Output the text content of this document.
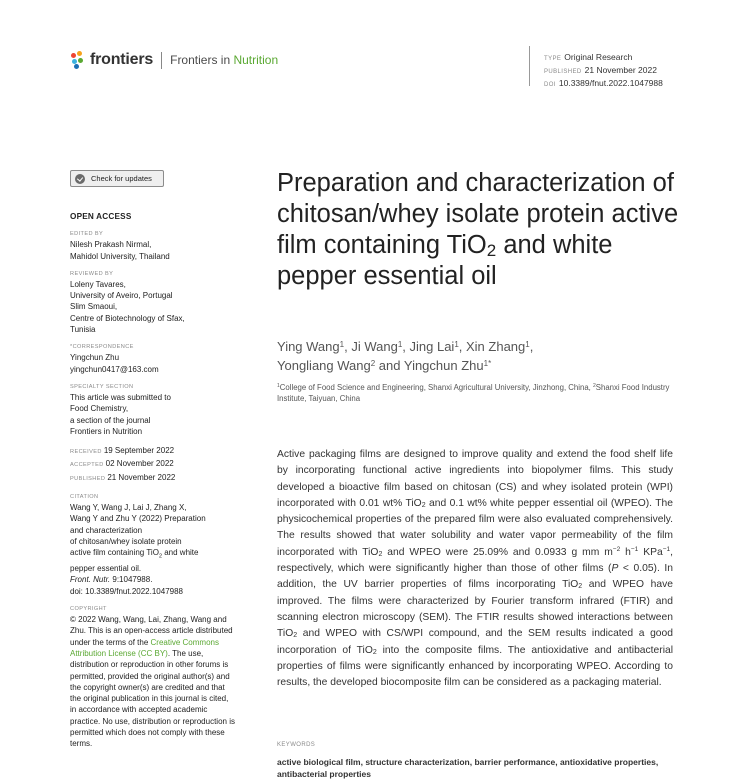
frontiers Frontiers in Nutrition	TYPE Original Research
PUBLISHED 21 November 2022
DOI 10.3389/fnut.2022.1047988
Check for updates
OPEN ACCESS
EDITED BY
Nilesh Prakash Nirmal,
Mahidol University, Thailand
REVIEWED BY
Loleny Tavares,
University of Aveiro, Portugal
Slim Smaoui,
Centre of Biotechnology of Sfax,
Tunisia
*CORRESPONDENCE
Yingchun Zhu
yingchun0417@163.com
SPECIALTY SECTION
This article was submitted to
Food Chemistry,
a section of the journal
Frontiers in Nutrition
RECEIVED 19 September 2022
ACCEPTED 02 November 2022
PUBLISHED 21 November 2022
CITATION
Wang Y, Wang J, Lai J, Zhang X,
Wang Y and Zhu Y (2022) Preparation
and characterization
of chitosan/whey isolate protein
active film containing TiO$_2$ and white
pepper essential oil.
Front. Nutr. 9:1047988.
doi: 10.3389/fnut.2022.1047988
COPYRIGHT
© 2022 Wang, Wang, Lai, Zhang, Wang and Zhu. This is an open-access article distributed under the terms of the Creative Commons Attribution License (CC BY). The use, distribution or reproduction in other forums is permitted, provided the original author(s) and the copyright owner(s) are credited and that the original publication in this journal is cited, in accordance with accepted academic practice. No use, distribution or reproduction is permitted which does not comply with these terms.
Preparation and characterization of chitosan/whey isolate protein active film containing TiO$_2$ and white pepper essential oil
Ying Wang$^1$, Ji Wang$^1$, Jing Lai$^1$, Xin Zhang$^1$,
Yongliang Wang$^2$ and Yingchun Zhu$^{1*}$
$^1$College of Food Science and Engineering, Shanxi Agricultural University, Jinzhong, China, $^2$Shanxi Food Industry Institute, Taiyuan, China
Active packaging films are designed to improve quality and extend the food shelf life by incorporating functional active ingredients into biopolymer films. This study developed a bioactive film based on chitosan (CS) and whey isolated protein (WPI) incorporated with 0.01 wt% TiO$_2$ and 0.1 wt% white pepper essential oil (WPEO). The physicochemical properties of the prepared film were also evaluated comprehensively. The results showed that water solubility and water vapor permeability of the film incorporated with TiO$_2$ and WPEO were 25.09% and 0.0933 g mm $m^{-2}$ $h^{-1}$ KPa$^{-1}$, respectively, which were significantly higher than those of other films (P < 0.05). In addition, the UV barrier properties of films incorporating TiO$_2$ and WPEO have improved. The films were characterized by Fourier transform infrared (FTIR) and scanning electron microscopy (SEM). The FTIR results showed interactions between TiO$_2$ and WPEO with CS/WPI compound, and the SEM results indicated a good incorporation of TiO$_2$ into the composite films. The antioxidative and antibacterial properties of films were significantly enhanced by incorporating WPEO. According to results, the developed biocomposite film can be considered as a packaging material.
KEYWORDS
active biological film, structure characterization, barrier performance, antioxidative properties, antibacterial properties
